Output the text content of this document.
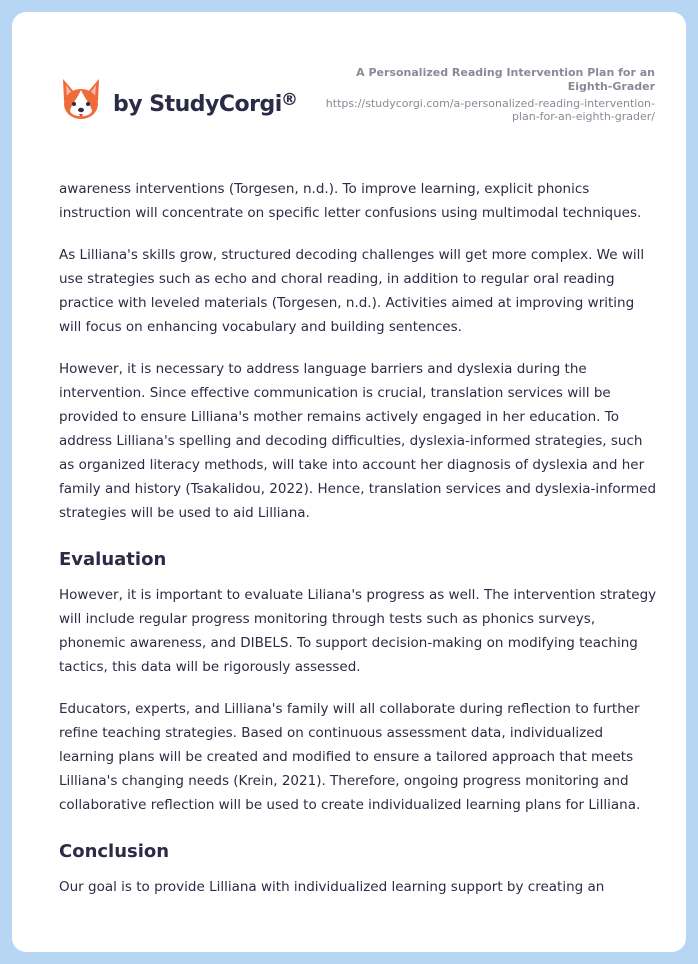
by StudyCorgi ®
A Personalized Reading Intervention Plan for an Eighth-Grader
https://studycorgi.com/a-personalized-reading-intervention-plan-for-an-eighth-grader/

awareness interventions (Torgesen, n.d.). To improve learning, explicit phonics instruction will concentrate on specific letter confusions using multimodal techniques.

As Lilliana's skills grow, structured decoding challenges will get more complex. We will use strategies such as echo and choral reading, in addition to regular oral reading practice with leveled materials (Torgesen, n.d.). Activities aimed at improving writing will focus on enhancing vocabulary and building sentences.

However, it is necessary to address language barriers and dyslexia during the intervention. Since effective communication is crucial, translation services will be provided to ensure Lilliana's mother remains actively engaged in her education. To address Lilliana's spelling and decoding difficulties, dyslexia-informed strategies, such as organized literacy methods, will take into account her diagnosis of dyslexia and her family and history (Tsakalidou, 2022). Hence, translation services and dyslexia-informed strategies will be used to aid Lilliana.

Evaluation

However, it is important to evaluate Liliana's progress as well. The intervention strategy will include regular progress monitoring through tests such as phonics surveys, phonemic awareness, and DIBELS. To support decision-making on modifying teaching tactics, this data will be rigorously assessed.

Educators, experts, and Lilliana's family will all collaborate during reflection to further refine teaching strategies. Based on continuous assessment data, individualized learning plans will be created and modified to ensure a tailored approach that meets Lilliana's changing needs (Krein, 2021). Therefore, ongoing progress monitoring and collaborative reflection will be used to create individualized learning plans for Lilliana.

Conclusion

Our goal is to provide Lilliana with individualized learning support by creating an
